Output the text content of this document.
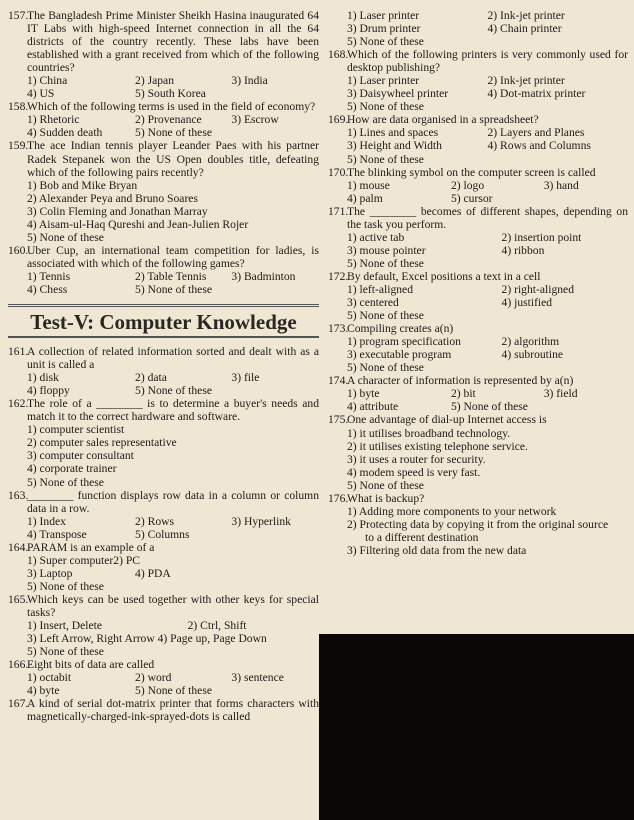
157.
The Bangladesh Prime Minister Sheikh Hasina inaugurated 64 IT Labs with high-speed Internet connection in all the 64 districts of the country recently. These labs have been established with a grant received from which of the following countries?
1) China	2) Japan	3) India
4) US	5) South Korea
158.
Which of the following terms is used in the field of economy?
1) Rhetoric	2) Provenance	3) Escrow
4) Sudden death	5) None of these
159.
The ace Indian tennis player Leander Paes with his partner Radek Stepanek won the US Open doubles title, defeating which of the following pairs recently?
1) Bob and Mike Bryan
2) Alexander Peya and Bruno Soares
3) Colin Fleming and Jonathan Marray
4) Aisam-ul-Haq Qureshi and Jean-Julien Rojer
5) None of these
160.
Uber Cup, an international team competition for ladies, is associated with which of the following games?
1) Tennis	2) Table Tennis	3) Badminton
4) Chess	5) None of these
Test-V: Computer Knowledge
161.
A collection of related information sorted and dealt with as a unit is called a
1) disk	2) data	3) file
4) floppy	5) None of these
162.
The role of a ________ is to determine a buyer's needs and match it to the correct hardware and software.
1) computer scientist
2) computer sales representative
3) computer consultant
4) corporate trainer
5) None of these
163.
________ function displays row data in a column or column data in a row.
1) Index	2) Rows	3) Hyperlink
4) Transpose	5) Columns
164.
PARAM is an example of a
1) Super computer2) PC
3) Laptop	4) PDA
5) None of these
165.
Which keys can be used together with other keys for special tasks?
1) Insert, Delete	2) Ctrl, Shift
3) Left Arrow, Right Arrow 4) Page up, Page Down
5) None of these
166.
Eight bits of data are called
1) octabit	2) word	3) sentence
4) byte	5) None of these
167.
A kind of serial dot-matrix printer that forms characters with magnetically-charged-ink-sprayed-dots is called
1) Laser printer	2) Ink-jet printer
3) Drum printer	4) Chain printer
5) None of these
168.
Which of the following printers is very commonly used for desktop publishing?
1) Laser printer	2) Ink-jet printer
3) Daisywheel printer	4) Dot-matrix printer
5) None of these
169.
How are data organised in a spreadsheet?
1) Lines and spaces	2) Layers and Planes
3) Height and Width	4) Rows and Columns
5) None of these
170.
The blinking symbol on the computer screen is called
1) mouse	2) logo	3) hand
4) palm	5) cursor
171.
The ________ becomes of different shapes, depending on the task you perform.
1) active tab	2) insertion point
3) mouse pointer	4) ribbon
5) None of these
172.
By default, Excel positions a text in a cell
1) left-aligned	2) right-aligned
3) centered	4) justified
5) None of these
173.
Compiling creates a(n)
1) program specification	2) algorithm
3) executable program	4) subroutine
5) None of these
174.
A character of information is represented by a(n)
1) byte	2) bit	3) field
4) attribute	5) None of these
175.
One advantage of dial-up Internet access is
1) it utilises broadband technology.
2) it utilises existing telephone service.
3) it uses a router for security.
4) modem speed is very fast.
5) None of these
176.
What is backup?
1) Adding more components to your network
2) Protecting data by copying it from the original source
to a different destination
3) Filtering old data from the new data
